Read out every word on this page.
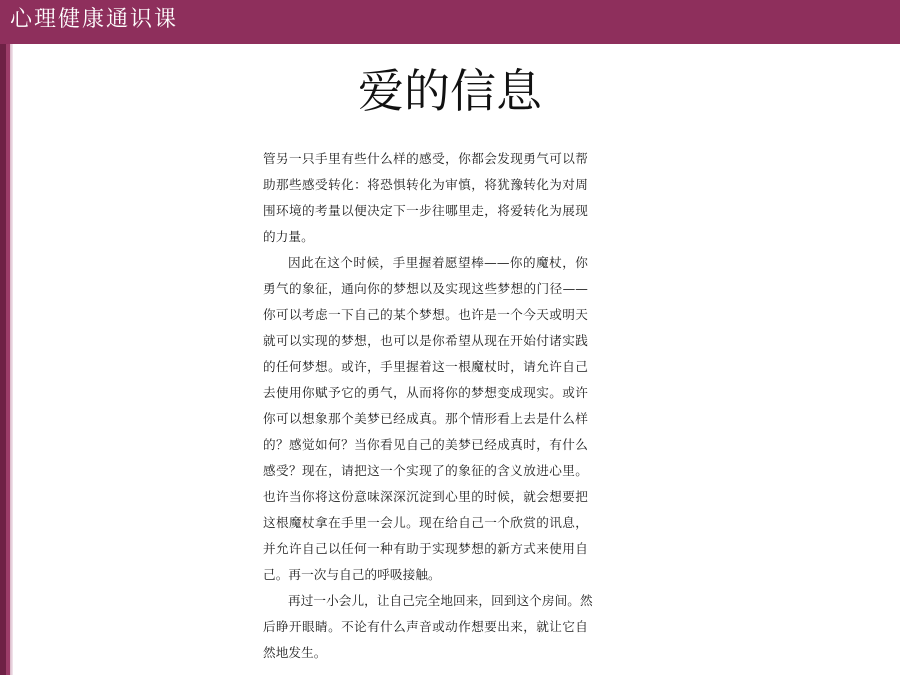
心理健康通识课
爱的信息

管另一只手里有些什么样的感受，你都会发现勇气可以帮
助那些感受转化：将恐惧转化为审慎，将犹豫转化为对周
围环境的考量以便决定下一步往哪里走，将爱转化为展现
的力量。

因此在这个时候，手里握着愿望棒——你的魔杖，你
勇气的象征，通向你的梦想以及实现这些梦想的门径——
你可以考虑一下自己的某个梦想。也许是一个今天或明天
就可以实现的梦想，也可以是你希望从现在开始付诸实践
的任何梦想。或许，手里握着这一根魔杖时，请允许自己
去使用你赋予它的勇气，从而将你的梦想变成现实。或许
你可以想象那个美梦已经成真。那个情形看上去是什么样
的？感觉如何？当你看见自己的美梦已经成真时，有什么
感受？现在，请把这一个实现了的象征的含义放进心里。
也许当你将这份意味深深沉淀到心里的时候，就会想要把
这根魔杖拿在手里一会儿。现在给自己一个欣赏的讯息，
并允许自己以任何一种有助于实现梦想的新方式来使用自
己。再一次与自己的呼吸接触。

再过一小会儿，让自己完全地回来，回到这个房间。然
后睁开眼睛。不论有什么声音或动作想要出来，就让它自
然地发生。
